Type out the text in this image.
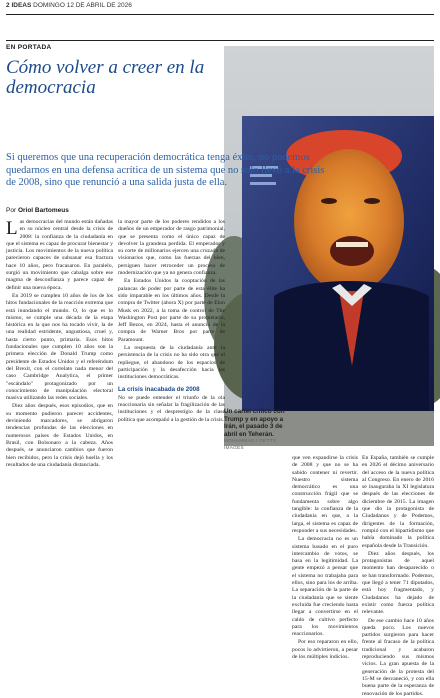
2 IDEAS DOMINGO 12 DE ABRIL DE 2026
EN PORTADA
Cómo volver a creer en la democracia

Si queremos que una recuperación democrática tenga éxito, no podemos quedarnos en una defensa acrítica de un sistema que no solo llevó a la crisis de 2008, sino que renunció a una salida justa de ella.

Por Oriol Bartomeus

Las democracias del mundo están dañadas en su núcleo central desde la crisis de 2008: la confianza de la ciudadanía en que el sistema es capaz de procurar bienestar y justicia. Los movimientos de la nueva política parecieron capaces de subsanar esa fractura hace 10 años, pero fracasaron. En paralelo, surgió un movimiento que cabalga sobre ese magma de desconfianza y parece capaz de definir una nueva época.

En 2019 se cumplen 10 años de los de los hitos fundacionales de la reacción extrema que está inundando el mundo. O, lo que es lo mismo, se cumple una década de la etapa histórica en la que nos ha tocado vivir, la de una realidad estridente, angustiosa, cruel y, hasta cierto punto, primaria. Esos hitos fundacionales que cumplen 10 años son la primera elección de Donald Trump como presidente de Estados Unidos y el referéndum del Brexit, con el correlato nada menor del caso Cambridge Analytica, el primer "escándalo" protagonizado por un conocimiento de manipulación electoral masiva utilizando las redes sociales.

Diez años después, esos episodios, que en su momento pudieron parecer accidentes, deviniendo marcadores, se abrigaron tendencias profundas de las elecciones en numerosos países de Estados Unidos, en Brasil, con Bolsonaro a la cabeza. Años después, se anunciaron cambios que fueron bien recibidos, pero la crisis dejó huella y los resultados de una ciudadanía distanciada.

la mayor parte de los poderes rendidos a los dueños de un emperador de rasgo patrimonial, que se presenta como el único capaz de devolver la grandeza perdida. El emperador y su corte de millonarios ejercen una cruzada de visionarios que, como las fuerzas del bien, persiguen hacer retroceder un proceso de modernización que ya no genera confianza.

En Estados Unidos la cooptación de las palancas de poder por parte de esta élite ha sido imparable en los últimos años. Desde la compra de Twitter (ahora X) por parte de Elon Musk en 2022, a la toma de control de The Washington Post por parte de su propietario, Jeff Bezos, en 2024, hasta el anuncio de la compra de Warner Bros por parte de Paramount.

La respuesta de la ciudadanía ante la persistencia de la crisis no ha sido otra que el repliegue, el abandono de los espacios de participación y la desafección hacia las instituciones democráticas.

La crisis inacabada de 2008

No se puede entender el triunfo de la ola reaccionaria sin señalar la fragilización de las instituciones y el desprestigio de la clase política que acompañó a la gestión de la crisis.

Un cartel crítico con Trump y en apoyo a Irán, el pasado 3 de abril en Teherán.
MOHAMMAD / GETTY IMAGES

que ven expandirse la crisis de 2008 y que no se ha sabido contener ni revertir. Nuestro sistema democrático es una construcción frágil que se fundamenta sobre algo tangible: la confianza de la ciudadanía en que, a la larga, el sistema es capaz de responder a sus necesidades.

La democracia no es un sistema basado en el puro intercambio de votos, se basa en la legitimidad. La gente empezó a pensar que el sistema no trabajaba para ellos, sino para los de arriba. La separación de la parte de la ciudadanía que se siente excluida fue creciendo hasta llegar a convertirse en el caldo de cultivo perfecto para los movimientos reaccionarios.

Por eso repararon en ello, pocos lo advirtieron, a pesar de los múltiples indicios.

En España, también se cumple en 2026 el décimo aniversario del acceso de la nueva política al Congreso. En enero de 2016 se inauguraba la XI legislatura después de las elecciones de diciembre de 2015. La imagen que dio la protagonista de Ciudadanos y de Podemos, dirigentes de la formación, rompió con el bipartidismo que había dominado la política española desde la Transición.

Diez años después, los protagonistas de aquel momento han desaparecido o se han transformado. Podemos, que llegó a tener 71 diputados, está hoy fragmentado, y Ciudadanos ha dejado de existir como fuerza política relevante.

De ese cambio hace 10 años queda poco. Los nuevos partidos surgieron para hacer frente al fracaso de la política tradicional y acabaron reproduciendo sus mismos vicios. La gran apuesta de la generación de la protesta del 15-M se desvaneció, y con ella buena parte de la esperanza de renovación de los partidos.
